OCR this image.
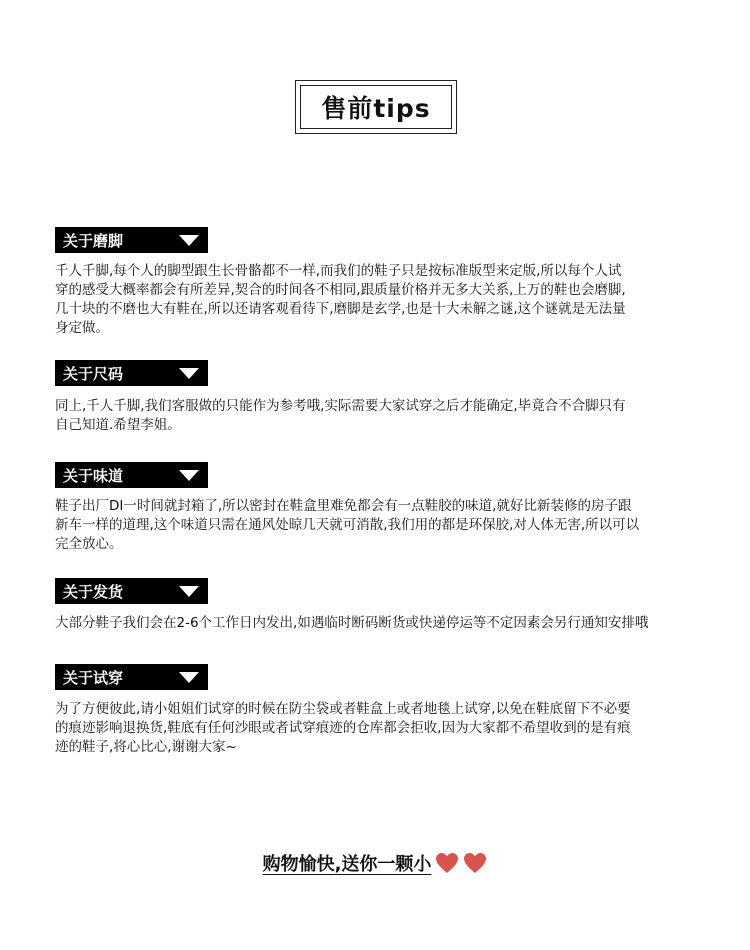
售前tips
关于磨脚
千人千脚,每个人的脚型跟生长骨骼都不一样,而我们的鞋子只是按标准版型来定版,所以每个人试
穿的感受大概率都会有所差异,契合的时间各不相同,跟质量价格并无多大关系,上万的鞋也会磨脚,
几十块的不磨也大有鞋在,所以还请客观看待下,磨脚是玄学,也是十大未解之谜,这个谜就是无法量
身定做。
关于尺码
同上,千人千脚,我们客服做的只能作为参考哦,实际需要大家试穿之后才能确定,毕竟合不合脚只有
自己知道.希望李姐。
关于味道
鞋子出厂DI一时间就封箱了,所以密封在鞋盒里难免都会有一点鞋胶的味道,就好比新装修的房子跟
新车一样的道理,这个味道只需在通风处晾几天就可消散,我们用的都是环保胶,对人体无害,所以可以
完全放心。
关于发货
大部分鞋子我们会在2-6个工作日内发出,如遇临时断码断货或快递停运等不定因素会另行通知安排哦
关于试穿
为了方便彼此,请小姐姐们试穿的时候在防尘袋或者鞋盒上或者地毯上试穿,以免在鞋底留下不必要
的痕迹影响退换货,鞋底有任何沙眼或者试穿痕迹的仓库都会拒收,因为大家都不希望收到的是有痕
迹的鞋子,将心比心,谢谢大家~
购物愉快,送你一颗小
